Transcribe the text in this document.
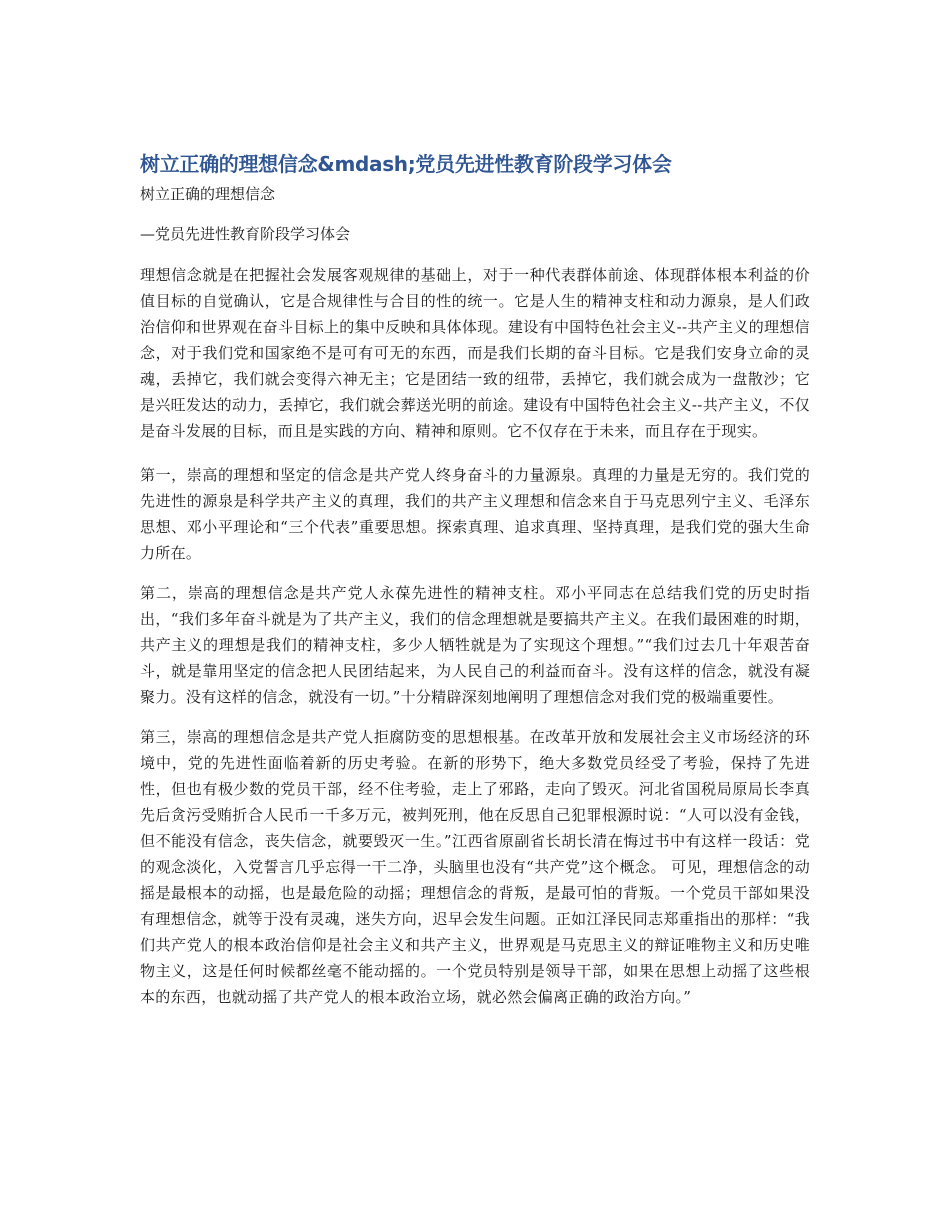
树立正确的理想信念&mdash;党员先进性教育阶段学习体会
树立正确的理想信念
—党员先进性教育阶段学习体会

理想信念就是在把握社会发展客观规律的基础上，对于一种代表群体前途、体现群体根本利益的价值目标的自觉确认，它是合规律性与合目的性的统一。它是人生的精神支柱和动力源泉，是人们政治信仰和世界观在奋斗目标上的集中反映和具体体现。建设有中国特色社会主义--共产主义的理想信念，对于我们党和国家绝不是可有可无的东西，而是我们长期的奋斗目标。它是我们安身立命的灵魂，丢掉它，我们就会变得六神无主；它是团结一致的纽带，丢掉它，我们就会成为一盘散沙；它是兴旺发达的动力，丢掉它，我们就会葬送光明的前途。建设有中国特色社会主义--共产主义，不仅是奋斗发展的目标，而且是实践的方向、精神和原则。它不仅存在于未来，而且存在于现实。

第一，崇高的理想和坚定的信念是共产党人终身奋斗的力量源泉。真理的力量是无穷的。我们党的先进性的源泉是科学共产主义的真理，我们的共产主义理想和信念来自于马克思列宁主义、毛泽东思想、邓小平理论和“三个代表”重要思想。探索真理、追求真理、坚持真理，是我们党的强大生命力所在。

第二，崇高的理想信念是共产党人永葆先进性的精神支柱。邓小平同志在总结我们党的历史时指出，“我们多年奋斗就是为了共产主义，我们的信念理想就是要搞共产主义。在我们最困难的时期，共产主义的理想是我们的精神支柱，多少人牺牲就是为了实现这个理想。”“我们过去几十年艰苦奋斗，就是靠用坚定的信念把人民团结起来，为人民自己的利益而奋斗。没有这样的信念，就没有凝聚力。没有这样的信念，就没有一切。”十分精辟深刻地阐明了理想信念对我们党的极端重要性。

第三，崇高的理想信念是共产党人拒腐防变的思想根基。在改革开放和发展社会主义市场经济的环境中，党的先进性面临着新的历史考验。在新的形势下，绝大多数党员经受了考验，保持了先进性，但也有极少数的党员干部，经不住考验，走上了邪路，走向了毁灭。河北省国税局原局长李真先后贪污受贿折合人民币一千多万元，被判死刑，他在反思自己犯罪根源时说：“人可以没有金钱，但不能没有信念，丧失信念，就要毁灭一生。”江西省原副省长胡长清在悔过书中有这样一段话：党的观念淡化，入党誓言几乎忘得一干二净，头脑里也没有“共产党”这个概念。 可见，理想信念的动摇是最根本的动摇，也是最危险的动摇；理想信念的背叛，是最可怕的背叛。一个党员干部如果没有理想信念，就等于没有灵魂，迷失方向，迟早会发生问题。正如江泽民同志郑重指出的那样：“我们共产党人的根本政治信仰是社会主义和共产主义，世界观是马克思主义的辩证唯物主义和历史唯物主义，这是任何时候都丝毫不能动摇的。一个党员特别是领导干部，如果在思想上动摇了这些根本的东西，也就动摇了共产党人的根本政治立场，就必然会偏离正确的政治方向。”
